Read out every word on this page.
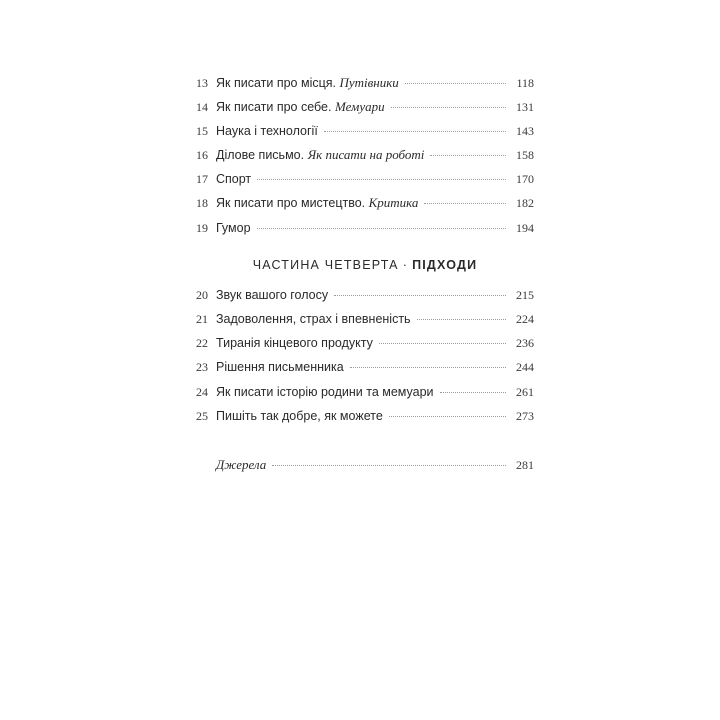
13 Як писати про місця. Путівники	118
14 Як писати про себе. Мемуари	131
15 Наука і технології	143
16 Ділове письмо. Як писати на роботі	158
17 Спорт	170
18 Як писати про мистецтво. Критика	182
19 Гумор	194
20 Звук вашого голосу	215
21 Задоволення, страх і впевненість	224
22 Тиранія кінцевого продукту	236
23 Рішення письменника	244
24 Як писати історію родини та мемуари	261
25 Пишіть так добре, як можете	273
Джерела	281
ЧАСТИНА ЧЕТВЕРТА · ПІДХОДИ
